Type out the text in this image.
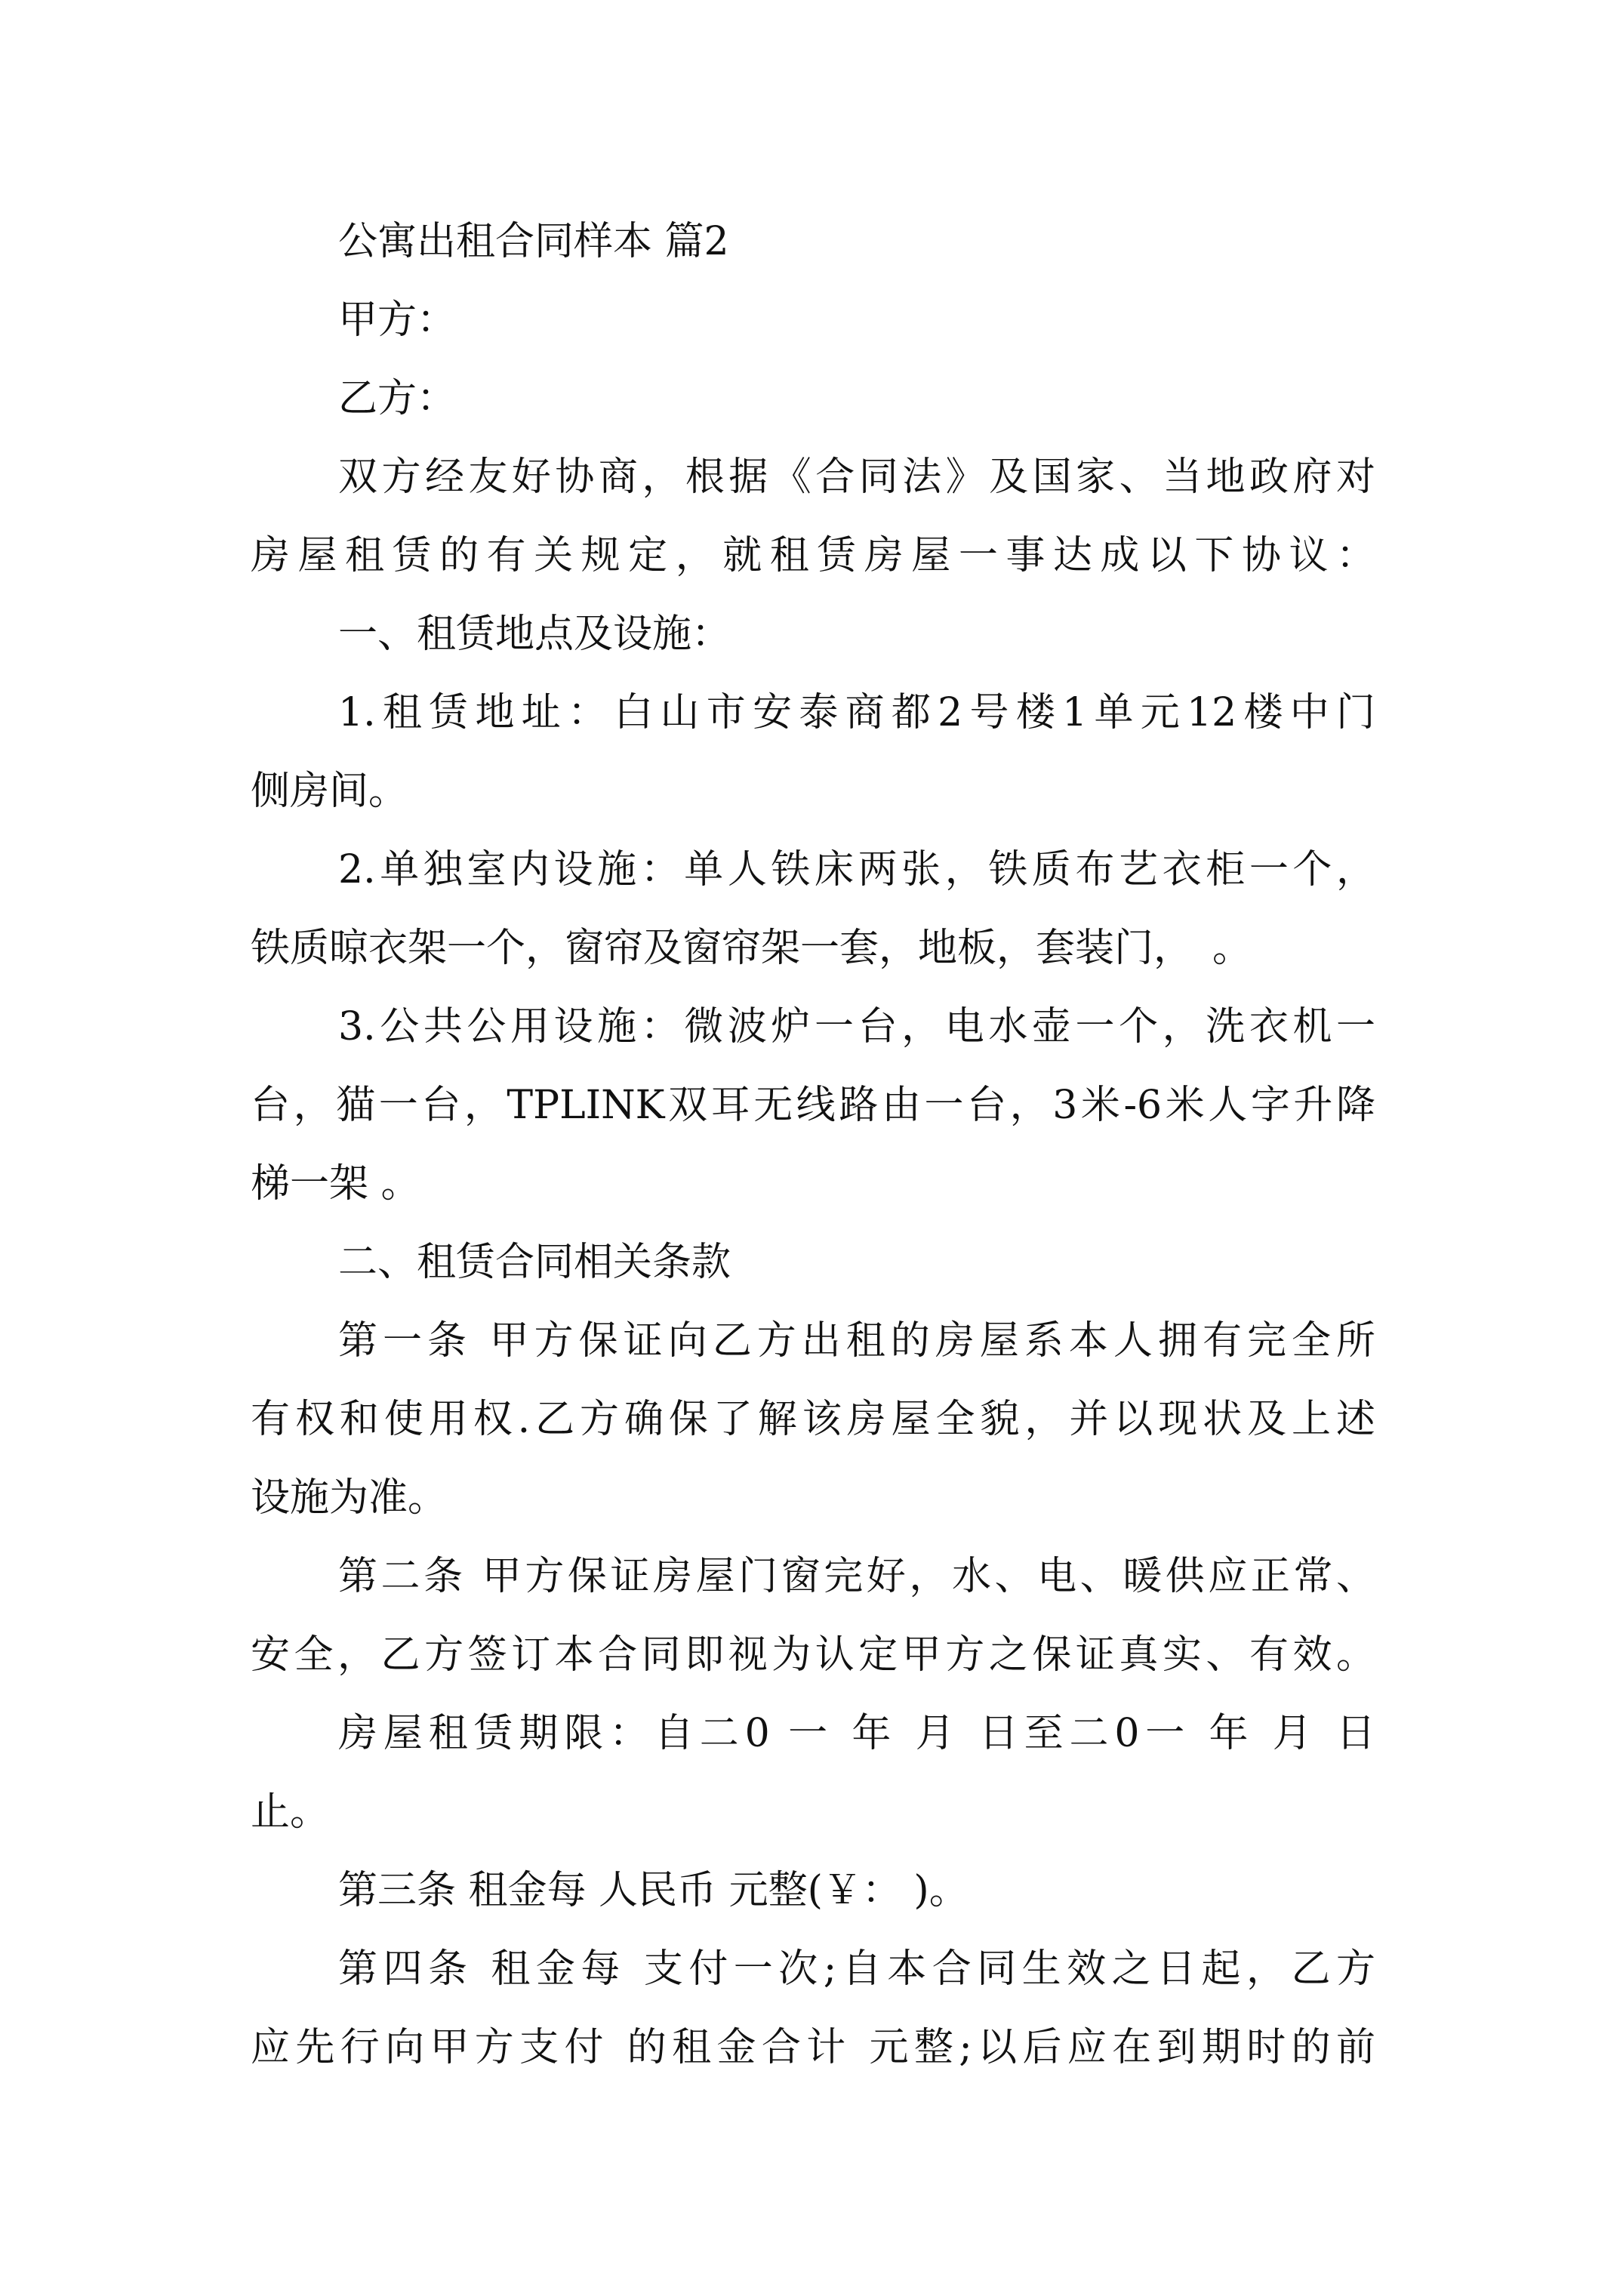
公寓出租合同样本 篇2
甲方：
乙方：
双方经友好协商，根据《合同法》及国家、当地政府对
房屋租赁的有关规定，就租赁房屋一事达成以下协议：
一、租赁地点及设施：
1.租赁地址：白山市安泰商都2号楼1单元12楼中门
侧房间。
2.单独室内设施：单人铁床两张，铁质布艺衣柜一个，
铁质晾衣架一个，窗帘及窗帘架一套，地板，套装门，　。
3.公共公用设施：微波炉一台，电水壶一个，洗衣机一
台，猫一台，TPLINK双耳无线路由一台，3米-6米人字升降
梯一架 。
二、租赁合同相关条款
第一条 甲方保证向乙方出租的房屋系本人拥有完全所
有权和使用权.乙方确保了解该房屋全貌，并以现状及上述
设施为准。
第二条 甲方保证房屋门窗完好，水、电、暖供应正常、
安全，乙方签订本合同即视为认定甲方之保证真实、有效。
房屋租赁期限：自二0 一 年 月 日至二0一 年 月 日
止。
第三条 租金每 人民币 元整(￥： )。
第四条 租金每 支付一次;自本合同生效之日起，乙方
应先行向甲方支付 的租金合计 元整;以后应在到期时的前
